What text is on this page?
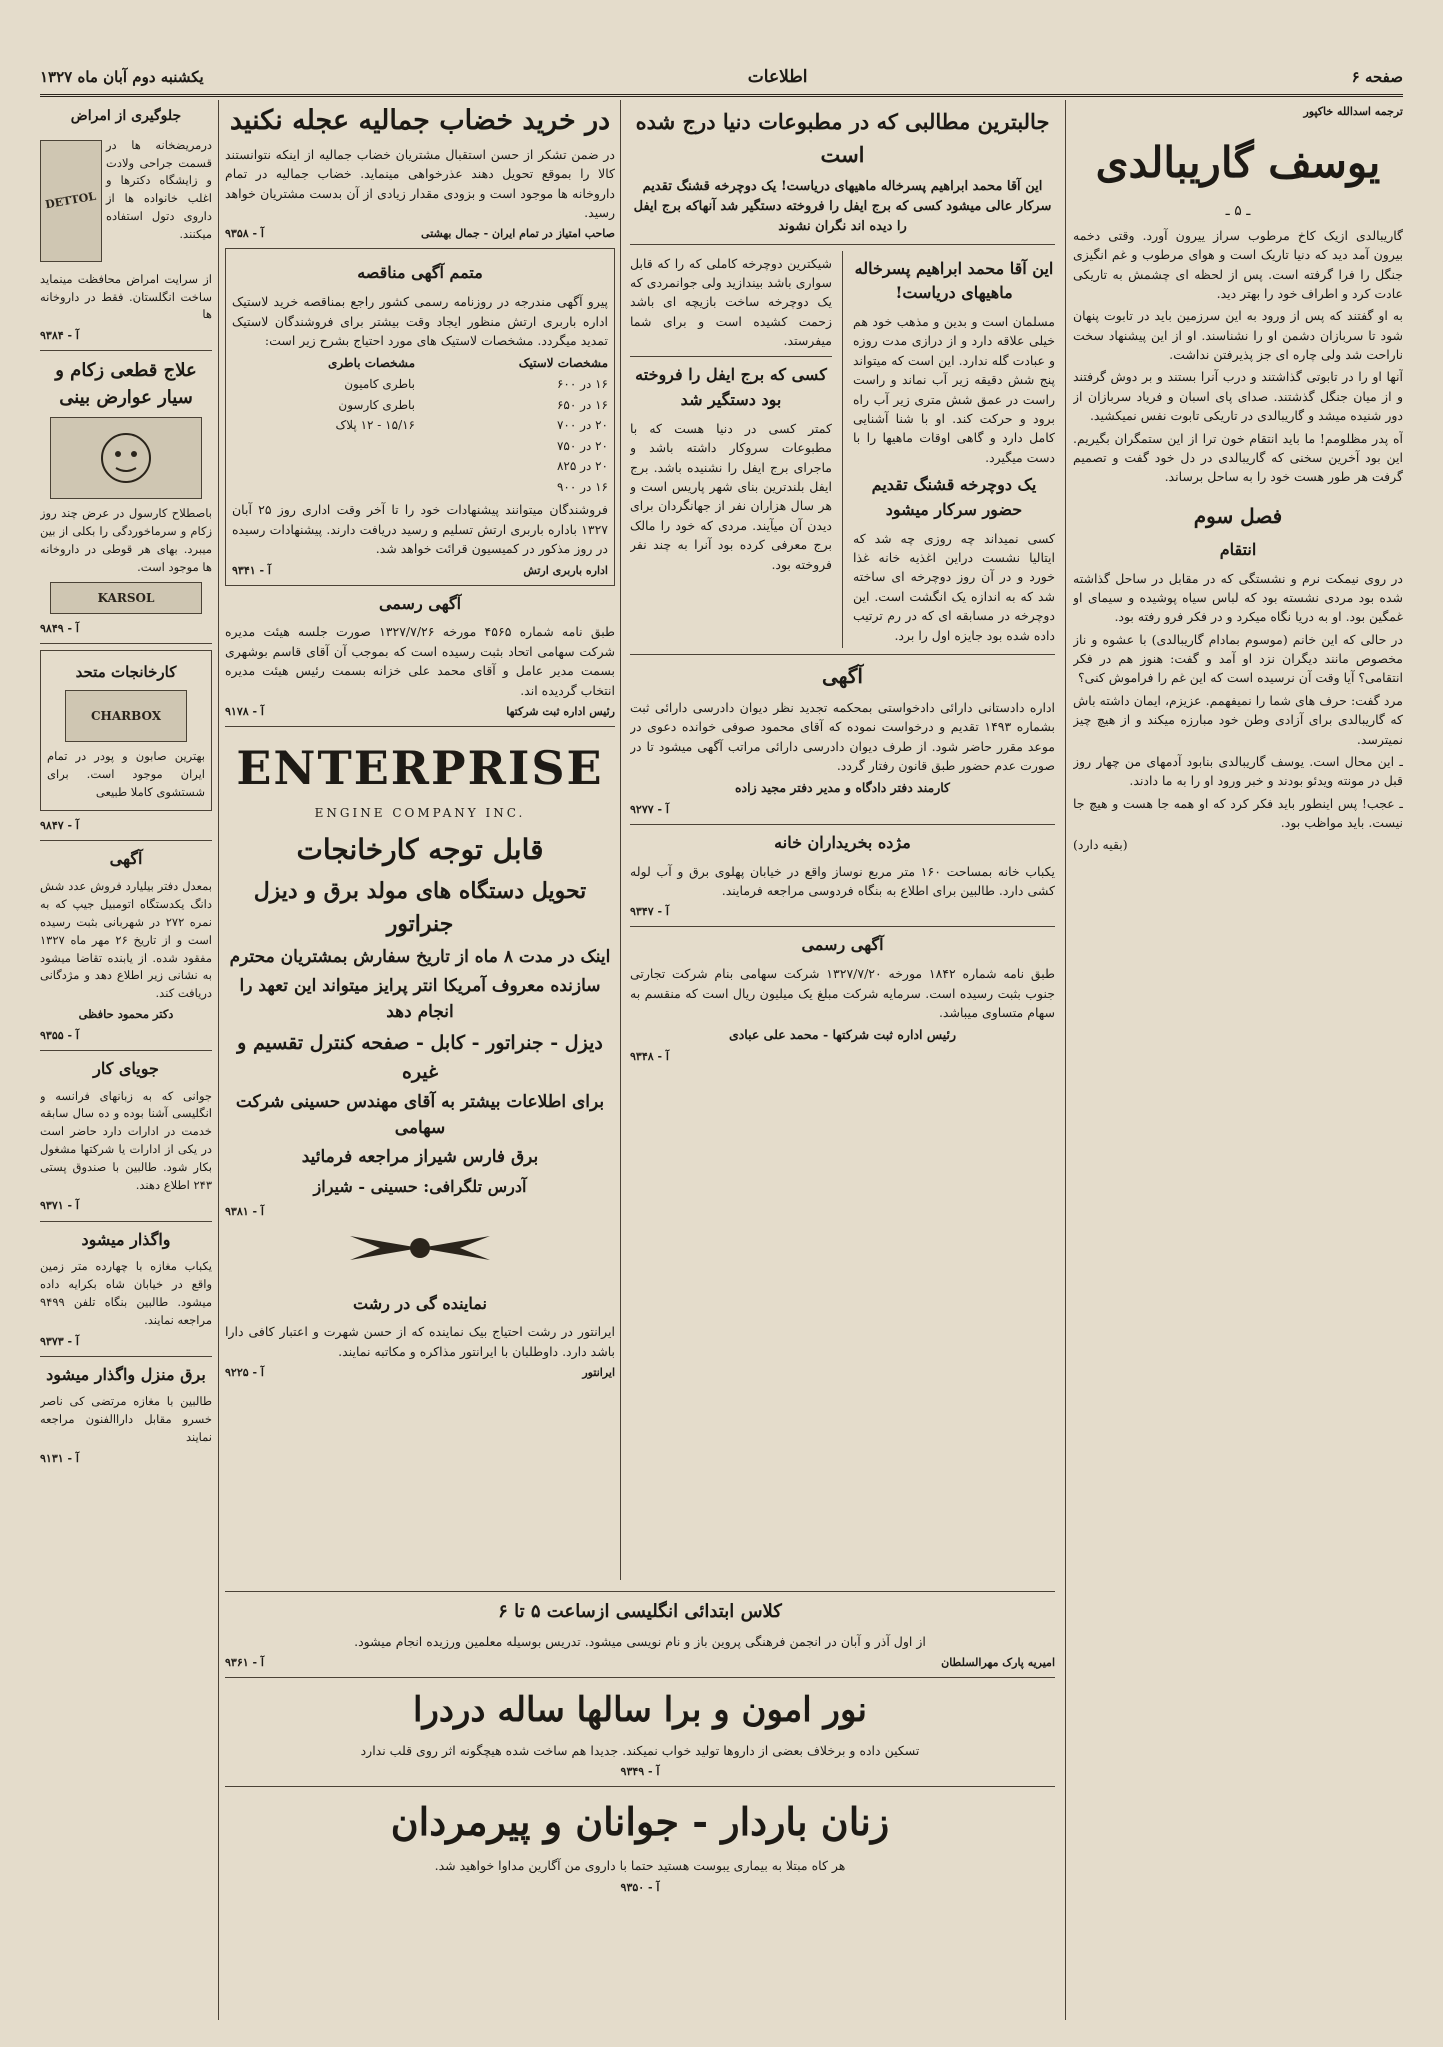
صفحه ۶
اطلاعات
یکشنبه دوم آبان ماه ۱۳۲۷

ترجمه اسدالله خاکپور

یوسف گاریبالدی
ـ ۵ ـ

گاریبالدی ازیک کاخ مرطوب سراز ییرون آورد. وقتی دخمه بیرون آمد دید که دنیا تاریک است و هوای مرطوب و غم انگیزی جنگل را فرا گرفته است. پس از لحظه ای چشمش به تاریکی عادت کرد و اطراف خود را بهتر دید.

به او گفتند که پس از ورود به این سرزمین باید در تابوت پنهان شود تا سربازان دشمن او را نشناسند. او از این پیشنهاد سخت ناراحت شد ولی چاره ای جز پذیرفتن نداشت.

آنها او را در تابوتی گذاشتند و درب آنرا بستند و بر دوش گرفتند و از میان جنگل گذشتند. صدای پای اسبان و فریاد سربازان از دور شنیده میشد و گاریبالدی در تاریکی تابوت نفس نمیکشید.

آه پدر مظلومم! ما باید انتقام خون ترا از این ستمگران بگیریم. این بود آخرین سخنی که گاریبالدی در دل خود گفت و تصمیم گرفت هر طور هست خود را به ساحل برساند.

فصل سوم
انتقام

در روی نیمکت نرم و نشستگی که در مقابل در ساحل گذاشته شده بود مردی نشسته بود که لباس سیاه پوشیده و سیمای او غمگین بود. او به دریا نگاه میکرد و در فکر فرو رفته بود.

در حالی که این خانم (موسوم بمادام گاریبالدی) با عشوه و ناز مخصوص مانند دیگران نزد او آمد و گفت: هنوز هم در فکر انتقامی؟ آیا وقت آن نرسیده است که این غم را فراموش کنی؟

مرد گفت: حرف های شما را نمیفهمم. عزیزم، ایمان داشته باش که گاریبالدی برای آزادی وطن خود مبارزه میکند و از هیچ چیز نمیترسد.

ـ این محال است. یوسف گاریبالدی بنابود آدمهای من چهار روز قبل در مونته ویدئو بودند و خبر ورود او را به ما دادند.

ـ عجب! پس اینطور باید فکر کرد که او همه جا هست و هیچ جا نیست. باید مواظب بود.

(بقیه دارد)

جالبترین مطالبی که در مطبوعات دنیا درج شده است

این آقا محمد ابراهیم پسرخاله ماهیهای دریاست! یک دوچرخه قشنگ تقدیم سرکار عالی میشود کسی که برج ایفل را فروخته دستگیر شد آنهاکه برج ایفل را دیده اند نگران نشوند

این آقا محمد ابراهیم پسرخاله ماهیهای دریاست!

مسلمان است و بدین و مذهب خود هم خیلی علاقه دارد و از درازی مدت روزه و عبادت گله ندارد. این است که میتواند پنج شش دقیقه زیر آب نماند و راست راست در عمق شش متری زیر آب راه برود و حرکت کند. او با شنا آشنایی کامل دارد و گاهی اوقات ماهیها را با دست میگیرد.

یک دوچرخه قشنگ تقدیم حضور سرکار میشود

کسی نمیداند چه روزی چه شد که ایتالیا نشست دراین اغذیه خانه غذا خورد و در آن روز دوچرخه ای ساخته شد که به اندازه یک انگشت است. این دوچرخه در مسابقه ای که در رم ترتیب داده شده بود جایزه اول را برد.

شیکترین دوچرخه کاملی که را که قابل سواری باشد بیندازید ولی جوانمردی که یک دوچرخه ساخت بازیچه ای باشد زحمت کشیده است و برای شما میفرستد.

کسی که برج ایفل را فروخته بود دستگیر شد

کمتر کسی در دنیا هست که با مطبوعات سروکار داشته باشد و ماجرای برج ایفل را نشنیده باشد. برج ایفل بلندترین بنای شهر پاریس است و هر سال هزاران نفر از جهانگردان برای دیدن آن میآیند. مردی که خود را مالک برج معرفی کرده بود آنرا به چند نفر فروخته بود.

آگهی

اداره دادستانی دارائی دادخواستی بمحکمه تجدید نظر دیوان دادرسی دارائی ثبت بشماره ۱۴۹۳ تقدیم و درخواست نموده که آقای محمود صوفی خوانده دعوی در موعد مقرر حاضر شود. از طرف دیوان دادرسی دارائی مراتب آگهی میشود تا در صورت عدم حضور طبق قانون رفتار گردد.

کارمند دفتر دادگاه و مدیر دفتر مجید زاده

آ - ۹۲۷۷

مژده بخریداران خانه

یکباب خانه بمساحت ۱۶۰ متر مربع نوساز واقع در خیابان پهلوی برق و آب لوله کشی دارد. طالبین برای اطلاع به بنگاه فردوسی مراجعه فرمایند.

آ - ۹۳۴۷

آگهی رسمی

طبق نامه شماره ۱۸۴۲ مورخه ۱۳۲۷/۷/۲۰ شرکت سهامی بنام شرکت تجارتی جنوب بثبت رسیده است. سرمایه شرکت مبلغ یک میلیون ریال است که منقسم به سهام متساوی میباشد.

رئیس اداره ثبت شرکتها - محمد علی عبادی

آ - ۹۳۴۸

در خرید خضاب جمالیه عجله نکنید

در ضمن تشکر از حسن استقبال مشتریان خضاب جمالیه از اینکه نتوانستند کالا را بموقع تحویل دهند عذرخواهی مینماید. خضاب جمالیه در تمام داروخانه ها موجود است و بزودی مقدار زیادی از آن بدست مشتریان خواهد رسید.

صاحب امتیاز در تمام ایران - جمال بهشتی
آ - ۹۳۵۸
متمم آگهی مناقصه

پیرو آگهی مندرجه در روزنامه رسمی کشور راجع بمناقصه خرید لاستیک اداره باربری ارتش منظور ایجاد وقت بیشتر برای فروشندگان لاستیک تمدید میگردد. مشخصات لاستیک های مورد احتیاج بشرح زیر است:

مشخصات لاستیک
مشخصات باطری
۱۶ در ۶۰۰
باطری کامیون
۱۶ در ۶۵۰
باطری کارسون
۲۰ در ۷۰۰
۱۵/۱۶ - ۱۲ پلاک
۲۰ در ۷۵۰
۲۰ در ۸۲۵
۱۶ در ۹۰۰

فروشندگان میتوانند پیشنهادات خود را تا آخر وقت اداری روز ۲۵ آبان ۱۳۲۷ باداره باربری ارتش تسلیم و رسید دریافت دارند. پیشنهادات رسیده در روز مذکور در کمیسیون قرائت خواهد شد.

اداره باربری ارتش
آ - ۹۳۴۱
آگهی رسمی

طبق نامه شماره ۴۵۶۵ مورخه ۱۳۲۷/۷/۲۶ صورت جلسه هیئت مدیره شرکت سهامی اتحاد بثبت رسیده است که بموجب آن آقای قاسم بوشهری بسمت مدیر عامل و آقای محمد علی خزانه بسمت رئیس هیئت مدیره انتخاب گردیده اند.

رئیس اداره ثبت شرکتها
آ - ۹۱۷۸
ENTERPRISE
ENGINE COMPANY INC.
قابل توجه کارخانجات
تحویل دستگاه های مولد برق و دیزل جنراتور
اینک در مدت ۸ ماه از تاریخ سفارش بمشتریان محترم
سازنده معروف آمریکا انتر پرایز میتواند این تعهد را انجام دهد
دیزل - جنراتور - کابل - صفحه کنترل تقسیم و غیره
برای اطلاعات بیشتر به آقای مهندس حسینی شرکت سهامی
برق فارس شیراز مراجعه فرمائید
آدرس تلگرافی: حسینی - شیراز

آ - ۹۳۸۱

نماینده گی در رشت

ایرانتور در رشت احتیاج بیک نماینده که از حسن شهرت و اعتبار کافی دارا باشد دارد. داوطلبان با ایرانتور مذاکره و مکاتبه نمایند.

ایرانتور
آ - ۹۲۲۵
کلاس ابتدائی انگلیسی ازساعت ۵ تا ۶

از اول آذر و آبان در انجمن فرهنگی پروین باز و نام نویسی میشود. تدریس بوسیله معلمین ورزیده انجام میشود.

امیریه پارک مهرالسلطان
آ - ۹۳۶۱
نور امون و برا سالها ساله دردرا

تسکین داده و برخلاف بعضی از داروها تولید خواب نمیکند. جدیدا هم ساخت شده هیچگونه اثر روی قلب ندارد

آ - ۹۳۴۹

زنان باردار - جوانان و پیرمردان

هر کاه مبتلا به بیماری یبوست هستید حتما با داروی من آگارین مداوا خواهید شد.

آ - ۹۳۵۰

جلوگیری از امراض

درمریضخانه ها در قسمت جراحی ولادت و زایشگاه دکترها و اغلب خانواده ها از داروی دتول استفاده میکنند.

DETTOL

از سرایت امراض محافظت مینماید ساخت انگلستان. فقط در داروخانه ها

آ - ۹۳۸۴

علاج قطعی زکام و سیار عوارض بینی

باصطلاح کارسول در عرض چند روز زکام و سرماخوردگی را بکلی از بین میبرد. بهای هر قوطی در داروخانه ها موجود است.

KARSOL

آ - ۹۸۴۹

کارخانجات متحد
CHARBOX

بهترین صابون و پودر در تمام ایران موجود است. برای شستشوی کاملا طبیعی

آ - ۹۸۴۷

آگهی

بمعدل دفتر بیلیارد فروش عدد شش دانگ یکدستگاه اتومبیل جیپ که به نمره ۲۷۲ در شهربانی بثبت رسیده است و از تاریخ ۲۶ مهر ماه ۱۳۲۷ مفقود شده. از یابنده تقاضا میشود به نشانی زیر اطلاع دهد و مژدگانی دریافت کند.

دکتر محمود حافظی

آ - ۹۳۵۵

جویای کار

جوانی که به زبانهای فرانسه و انگلیسی آشنا بوده و ده سال سابقه خدمت در ادارات دارد حاضر است در یکی از ادارات یا شرکتها مشغول بکار شود. طالبین با صندوق پستی ۲۴۳ اطلاع دهند.

آ - ۹۳۷۱

واگذار میشود

یکباب مغازه با چهارده متر زمین واقع در خیابان شاه بکرایه داده میشود. طالبین بنگاه تلفن ۹۴۹۹ مراجعه نمایند.

آ - ۹۳۷۳

برق منزل واگذار میشود

طالبین با مغازه مرتضی کی ناصر خسرو مقابل داراالفنون مراجعه نمایند

آ - ۹۱۳۱
